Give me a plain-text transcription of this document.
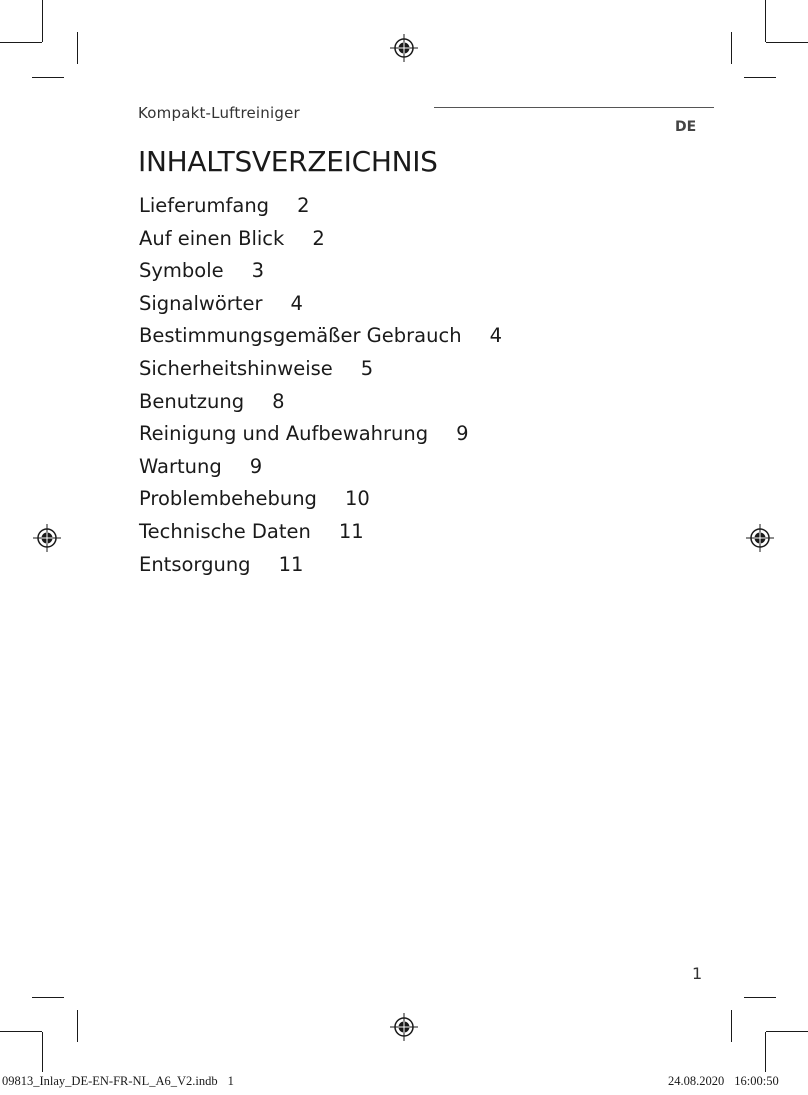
Kompakt-Luftreiniger
DE
INHALTSVERZEICHNIS
Lieferumfang 2
Auf einen Blick 2
Symbole 3
Signalwörter 4
Bestimmungsgemäßer Gebrauch 4
Sicherheitshinweise 5
Benutzung 8
Reinigung und Aufbewahrung 9
Wartung 9
Problembehebung 10
Technische Daten 11
Entsorgung 11
1
09813_Inlay_DE-EN-FR-NL_A6_V2.indb 1	24.08.2020 16:00:50
